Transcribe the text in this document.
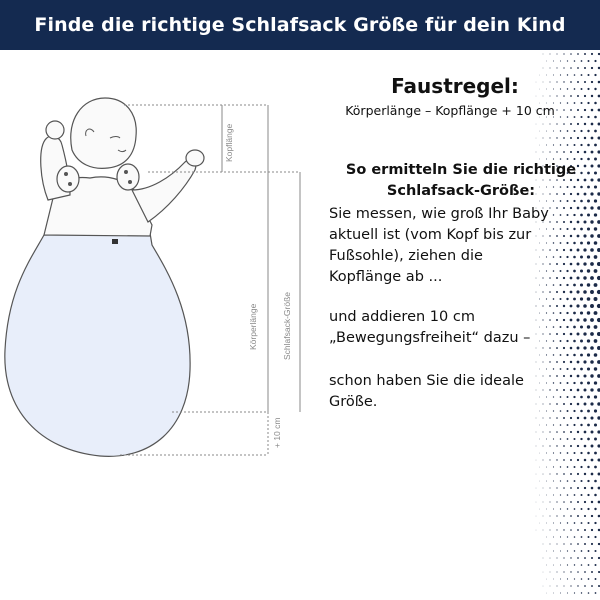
Finde die richtige Schlafsack Größe für dein Kind
Kopflänge
Körperlänge	Schlafsack-Größe
+ 10 cm
Faustregel:
Körperlänge – Kopflänge + 10 cm
So ermitteln Sie die richtige
Schlafsack-Größe:
Sie messen, wie groß Ihr Baby
aktuell ist (vom Kopf bis zur
Fußsohle), ziehen die
Kopflänge ab ...
und addieren 10 cm
„Bewegungsfreiheit“ dazu –
schon haben Sie die ideale
Größe.
